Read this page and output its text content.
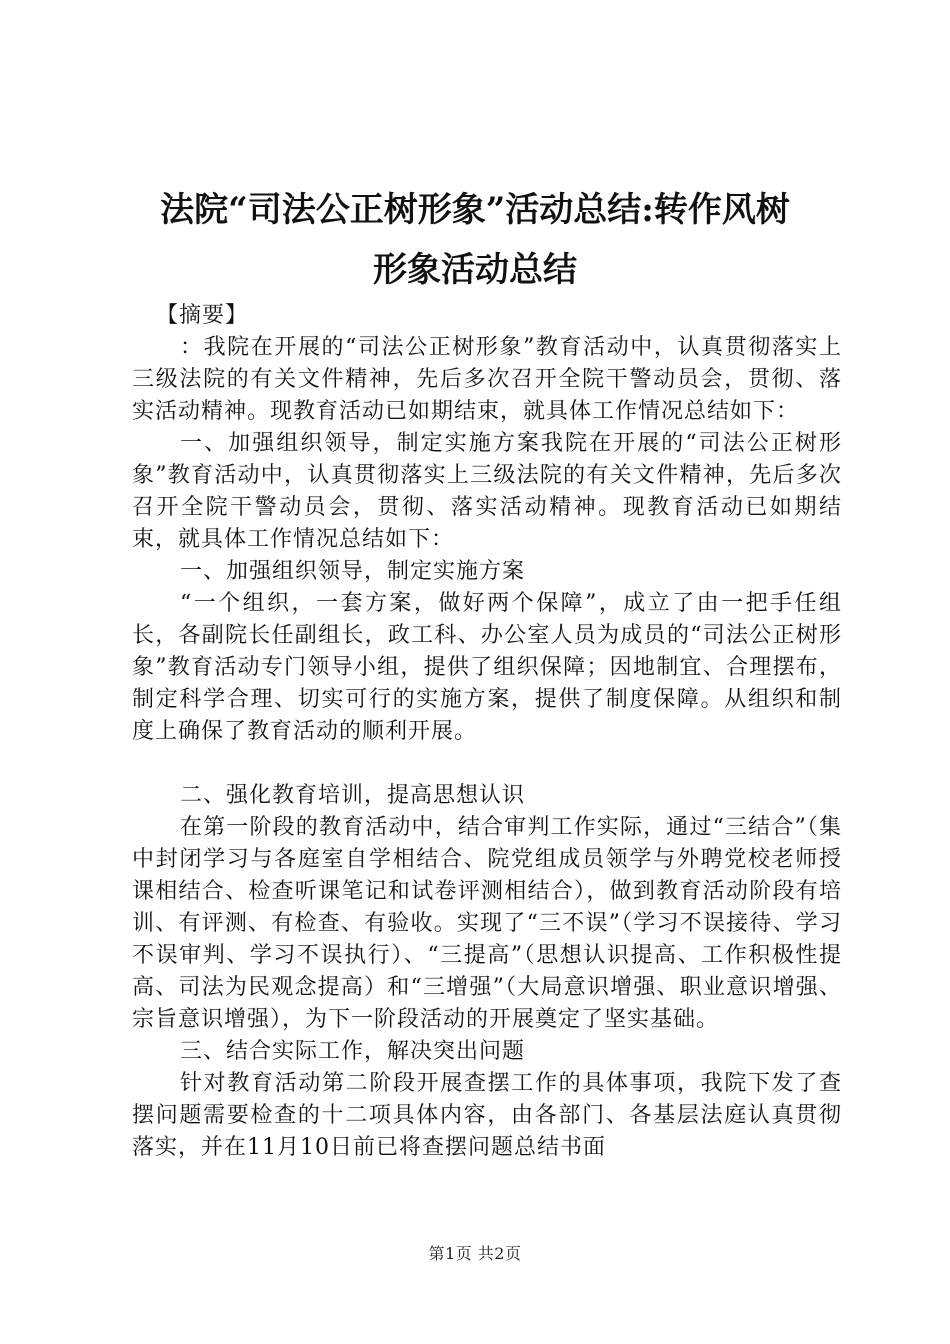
法院“司法公正树形象”活动总结:转作风树
形象活动总结

【摘要】

：我院在开展的“司法公正树形象”教育活动中，认真贯彻落实上三级法院的有关文件精神，先后多次召开全院干警动员会，贯彻、落实活动精神。现教育活动已如期结束，就具体工作情况总结如下：

一、加强组织领导，制定实施方案我院在开展的“司法公正树形象”教育活动中，认真贯彻落实上三级法院的有关文件精神，先后多次召开全院干警动员会，贯彻、落实活动精神。现教育活动已如期结束，就具体工作情况总结如下：

一、加强组织领导，制定实施方案

“一个组织，一套方案，做好两个保障”，成立了由一把手任组长，各副院长任副组长，政工科、办公室人员为成员的“司法公正树形象”教育活动专门领导小组，提供了组织保障；因地制宜、合理摆布，制定科学合理、切实可行的实施方案，提供了制度保障。从组织和制度上确保了教育活动的顺利开展。

二、强化教育培训，提高思想认识

在第一阶段的教育活动中，结合审判工作实际，通过“三结合”（集中封闭学习与各庭室自学相结合、院党组成员领学与外聘党校老师授课相结合、检查听课笔记和试卷评测相结合），做到教育活动阶段有培训、有评测、有检查、有验收。实现了“三不误”（学习不误接待、学习不误审判、学习不误执行）、“三提高”（思想认识提高、工作积极性提高、司法为民观念提高）和“三增强”（大局意识增强、职业意识增强、宗旨意识增强），为下一阶段活动的开展奠定了坚实基础。

三、结合实际工作，解决突出问题

针对教育活动第二阶段开展查摆工作的具体事项，我院下发了查摆问题需要检查的十二项具体内容，由各部门、各基层法庭认真贯彻落实，并在11月10日前已将查摆问题总结书面

第1页 共2页
